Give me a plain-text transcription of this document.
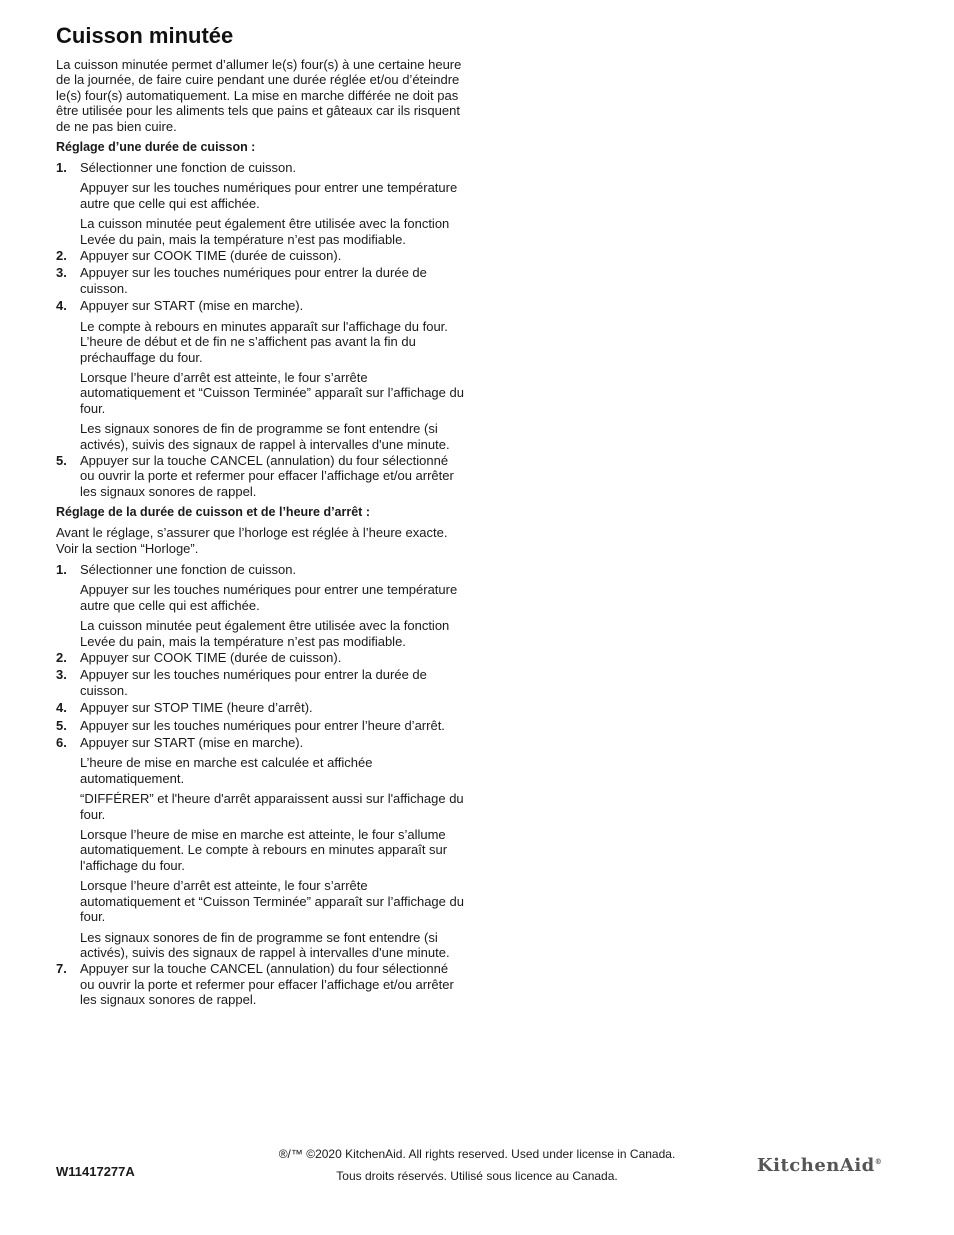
Cuisson minutée

La cuisson minutée permet d’allumer le(s) four(s) à une certaine heure de la journée, de faire cuire pendant une durée réglée et/ou d’éteindre le(s) four(s) automatiquement. La mise en marche différée ne doit pas être utilisée pour les aliments tels que pains et gâteaux car ils risquent de ne pas bien cuire.

Réglage d’une durée de cuisson :

1. Sélectionner une fonction de cuisson.

Appuyer sur les touches numériques pour entrer une température autre que celle qui est affichée.

La cuisson minutée peut également être utilisée avec la fonction Levée du pain, mais la température n’est pas modifiable.

2. Appuyer sur COOK TIME (durée de cuisson).
3. Appuyer sur les touches numériques pour entrer la durée de cuisson.
4. Appuyer sur START (mise en marche).

Le compte à rebours en minutes apparaît sur l'affichage du four. L’heure de début et de fin ne s’affichent pas avant la fin du préchauffage du four.

Lorsque l’heure d’arrêt est atteinte, le four s’arrête automatiquement et “Cuisson Terminée” apparaît sur l’affichage du four.

Les signaux sonores de fin de programme se font entendre (si activés), suivis des signaux de rappel à intervalles d'une minute.

5. Appuyer sur la touche CANCEL (annulation) du four sélectionné ou ouvrir la porte et refermer pour effacer l’affichage et/ou arrêter les signaux sonores de rappel.

Réglage de la durée de cuisson et de l’heure d’arrêt :

Avant le réglage, s’assurer que l’horloge est réglée à l’heure exacte. Voir la section “Horloge”.

1. Sélectionner une fonction de cuisson.

Appuyer sur les touches numériques pour entrer une température autre que celle qui est affichée.

La cuisson minutée peut également être utilisée avec la fonction Levée du pain, mais la température n’est pas modifiable.

2. Appuyer sur COOK TIME (durée de cuisson).
3. Appuyer sur les touches numériques pour entrer la durée de cuisson.
4. Appuyer sur STOP TIME (heure d’arrêt).
5. Appuyer sur les touches numériques pour entrer l’heure d’arrêt.
6. Appuyer sur START (mise en marche).

L’heure de mise en marche est calculée et affichée automatiquement.

“DIFFÉRER” et l'heure d'arrêt apparaissent aussi sur l'affichage du four.

Lorsque l’heure de mise en marche est atteinte, le four s’allume automatiquement. Le compte à rebours en minutes apparaît sur l'affichage du four.

Lorsque l’heure d’arrêt est atteinte, le four s’arrête automatiquement et “Cuisson Terminée” apparaît sur l’affichage du four.

Les signaux sonores de fin de programme se font entendre (si activés), suivis des signaux de rappel à intervalles d'une minute.

7. Appuyer sur la touche CANCEL (annulation) du four sélectionné ou ouvrir la porte et refermer pour effacer l’affichage et/ou arrêter les signaux sonores de rappel.
W11417277A
®/™ ©2020 KitchenAid. All rights reserved. Used under license in Canada.
Tous droits réservés. Utilisé sous licence au Canada.	KitchenAid®
